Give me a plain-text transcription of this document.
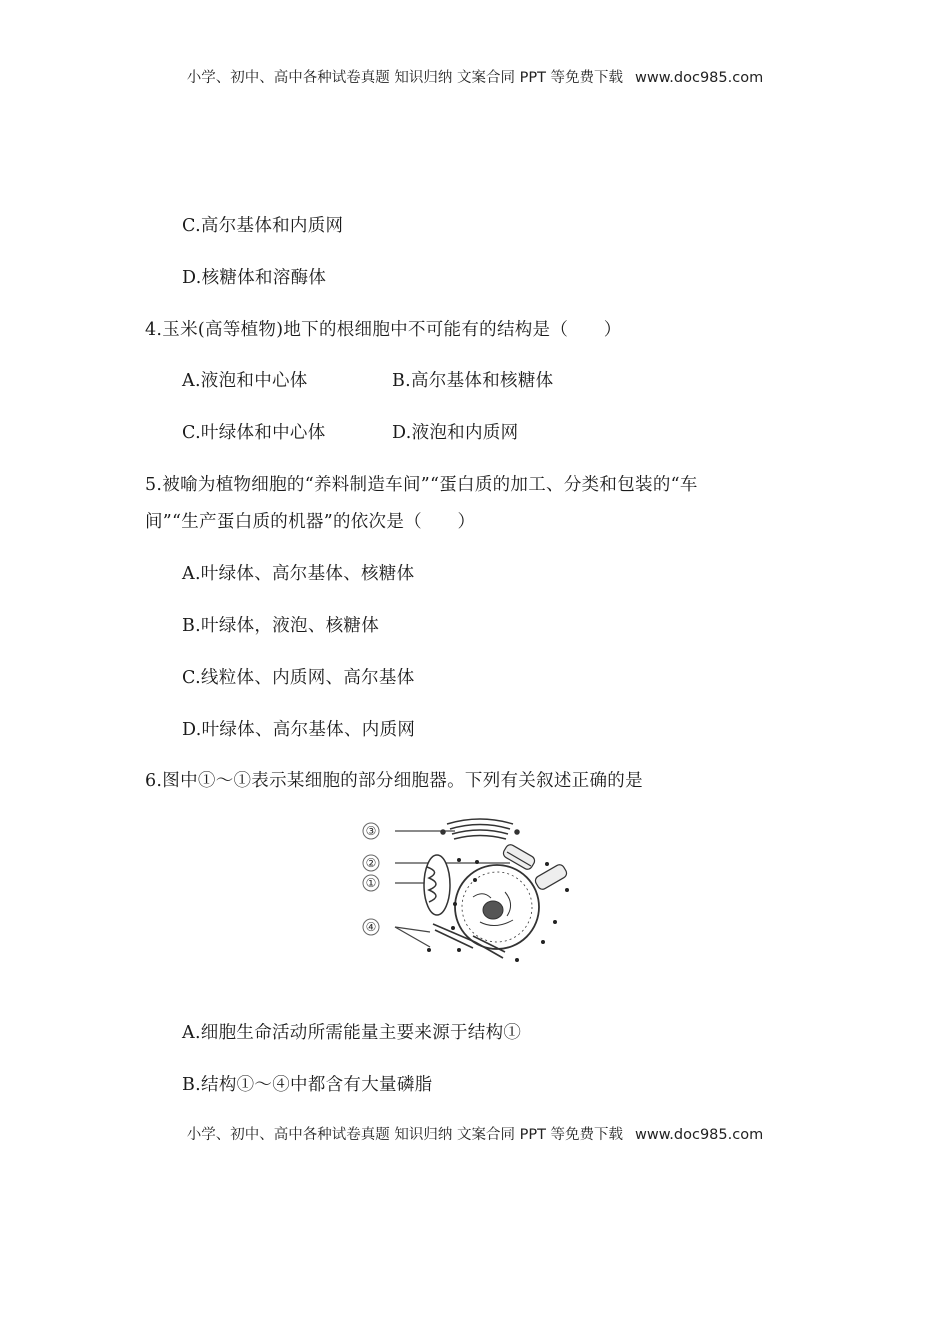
小学、初中、高中各种试卷真题 知识归纳 文案合同 PPT 等免费下载 www.doc985.com
C.高尔基体和内质网
D.核糖体和溶酶体
4.玉米(高等植物)地下的根细胞中不可能有的结构是（　　）
A.液泡和中心体	B.高尔基体和核糖体
C.叶绿体和中心体	D.液泡和内质网
5.被喻为植物细胞的“养料制造车间”“蛋白质的加工、分类和包装的“车
间”“生产蛋白质的机器”的依次是（　　）
A.叶绿体、高尔基体、核糖体
B.叶绿体，液泡、核糖体
C.线粒体、内质网、高尔基体
D.叶绿体、高尔基体、内质网
6.图中①～①表示某细胞的部分细胞器。下列有关叙述正确的是
③
②
①
④
A.细胞生命活动所需能量主要来源于结构①
B.结构①～④中都含有大量磷脂
小学、初中、高中各种试卷真题 知识归纳 文案合同 PPT 等免费下载 www.doc985.com
